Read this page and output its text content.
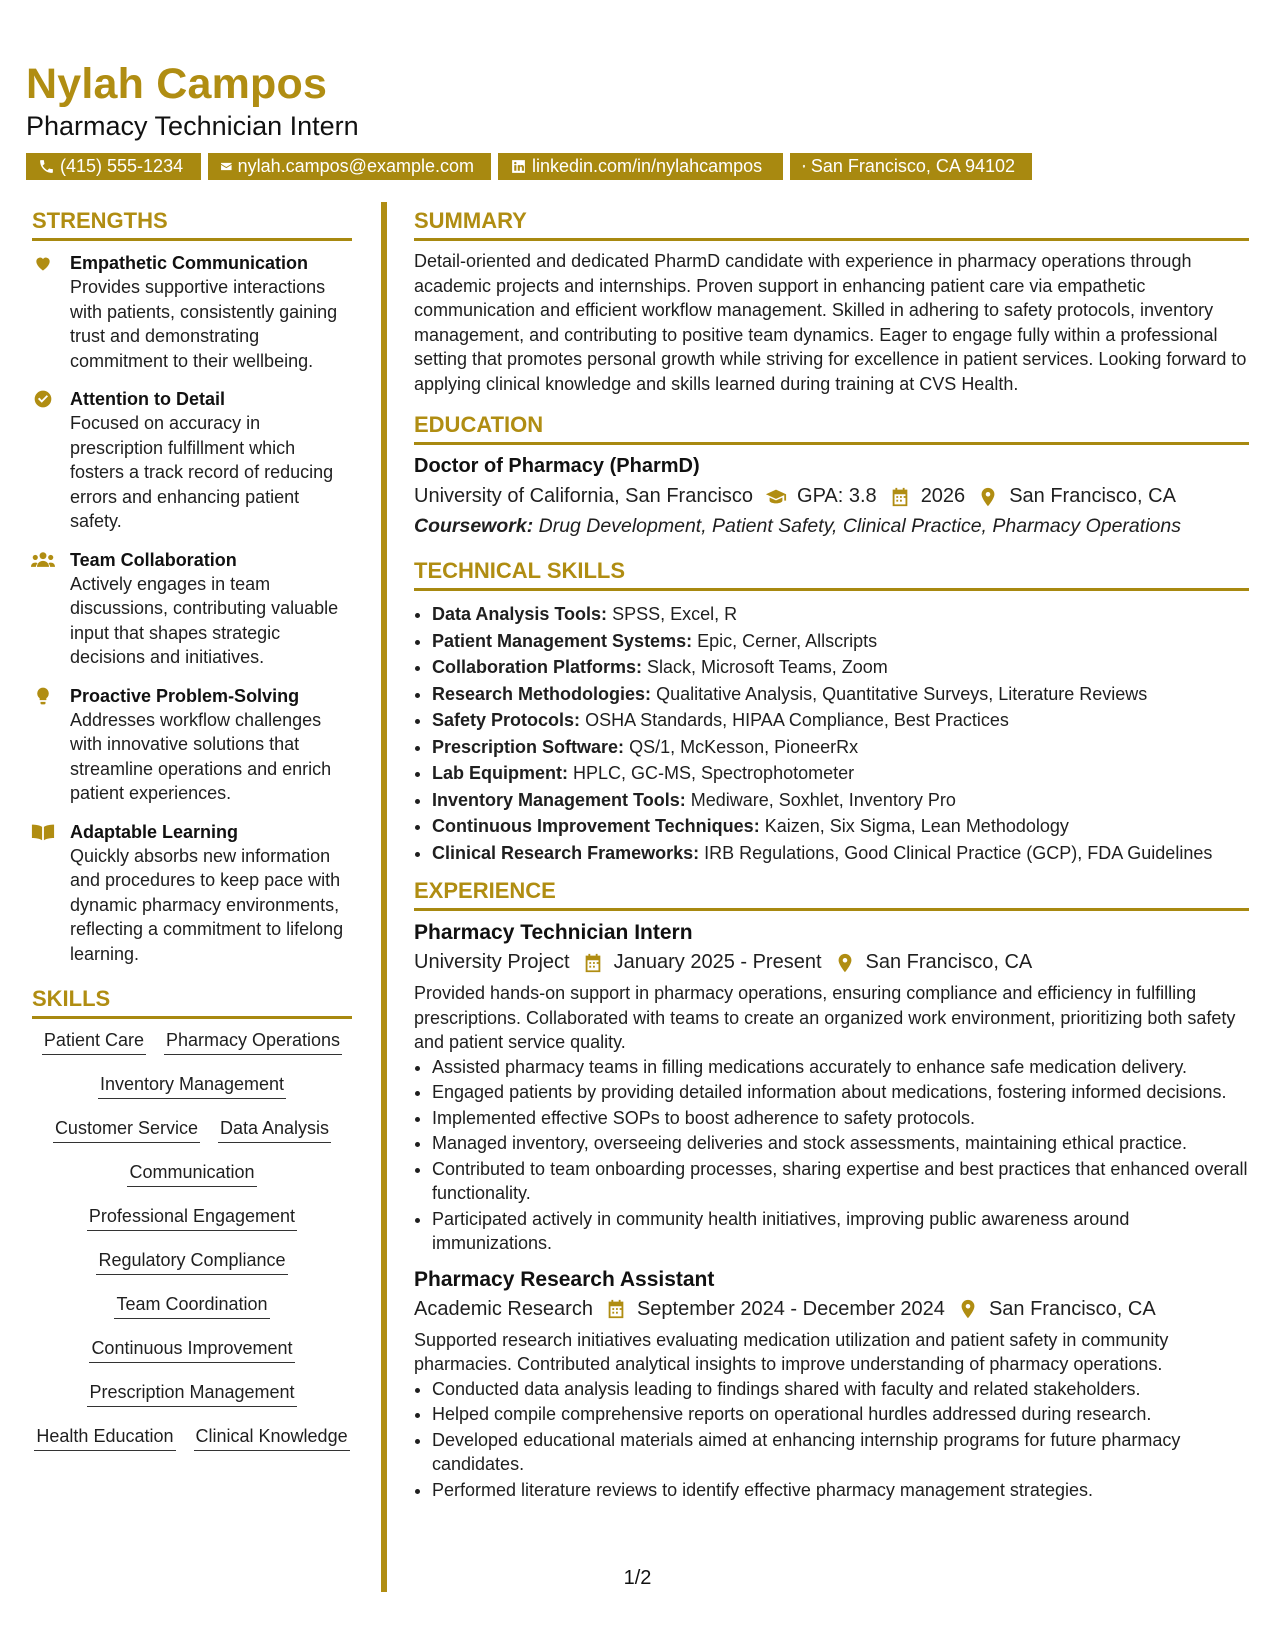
Nylah Campos
Pharmacy Technician Intern
(415) 555-1234	nylah.campos@example.com	linkedin.com/in/nylahcampos	San Francisco, CA 94102
STRENGTHS
Empathetic Communication
Provides supportive interactions with patients, consistently gaining trust and demonstrating commitment to their wellbeing.
Attention to Detail
Focused on accuracy in prescription fulfillment which fosters a track record of reducing errors and enhancing patient safety.
Team Collaboration
Actively engages in team discussions, contributing valuable input that shapes strategic decisions and initiatives.
Proactive Problem-Solving
Addresses workflow challenges with innovative solutions that streamline operations and enrich patient experiences.
Adaptable Learning
Quickly absorbs new information and procedures to keep pace with dynamic pharmacy environments, reflecting a commitment to lifelong learning.
SKILLS
Patient Care Pharmacy Operations
Inventory Management
Customer Service Data Analysis
Communication
Professional Engagement
Regulatory Compliance
Team Coordination
Continuous Improvement
Prescription Management
Health Education Clinical Knowledge
SUMMARY
Detail-oriented and dedicated PharmD candidate with experience in pharmacy operations through academic projects and internships. Proven support in enhancing patient care via empathetic communication and efficient workflow management. Skilled in adhering to safety protocols, inventory management, and contributing to positive team dynamics. Eager to engage fully within a professional setting that promotes personal growth while striving for excellence in patient services. Looking forward to applying clinical knowledge and skills learned during training at CVS Health.
EDUCATION
Doctor of Pharmacy (PharmD)
University of California, San Francisco GPA: 3.8 2026 San Francisco, CA
Coursework: Drug Development, Patient Safety, Clinical Practice, Pharmacy Operations
TECHNICAL SKILLS
• Data Analysis Tools: SPSS, Excel, R
• Patient Management Systems: Epic, Cerner, Allscripts
• Collaboration Platforms: Slack, Microsoft Teams, Zoom
• Research Methodologies: Qualitative Analysis, Quantitative Surveys, Literature Reviews
• Safety Protocols: OSHA Standards, HIPAA Compliance, Best Practices
• Prescription Software: QS/1, McKesson, PioneerRx
• Lab Equipment: HPLC, GC-MS, Spectrophotometer
• Inventory Management Tools: Mediware, Soxhlet, Inventory Pro
• Continuous Improvement Techniques: Kaizen, Six Sigma, Lean Methodology
• Clinical Research Frameworks: IRB Regulations, Good Clinical Practice (GCP), FDA Guidelines
EXPERIENCE
Pharmacy Technician Intern
University Project January 2025 - Present San Francisco, CA
Provided hands-on support in pharmacy operations, ensuring compliance and efficiency in fulfilling prescriptions. Collaborated with teams to create an organized work environment, prioritizing both safety and patient service quality.
• Assisted pharmacy teams in filling medications accurately to enhance safe medication delivery.
• Engaged patients by providing detailed information about medications, fostering informed decisions.
• Implemented effective SOPs to boost adherence to safety protocols.
• Managed inventory, overseeing deliveries and stock assessments, maintaining ethical practice.
• Contributed to team onboarding processes, sharing expertise and best practices that enhanced overall functionality.
• Participated actively in community health initiatives, improving public awareness around immunizations.
Pharmacy Research Assistant
Academic Research September 2024 - December 2024 San Francisco, CA
Supported research initiatives evaluating medication utilization and patient safety in community pharmacies. Contributed analytical insights to improve understanding of pharmacy operations.
• Conducted data analysis leading to findings shared with faculty and related stakeholders.
• Helped compile comprehensive reports on operational hurdles addressed during research.
• Developed educational materials aimed at enhancing internship programs for future pharmacy candidates.
• Performed literature reviews to identify effective pharmacy management strategies.
1/2
